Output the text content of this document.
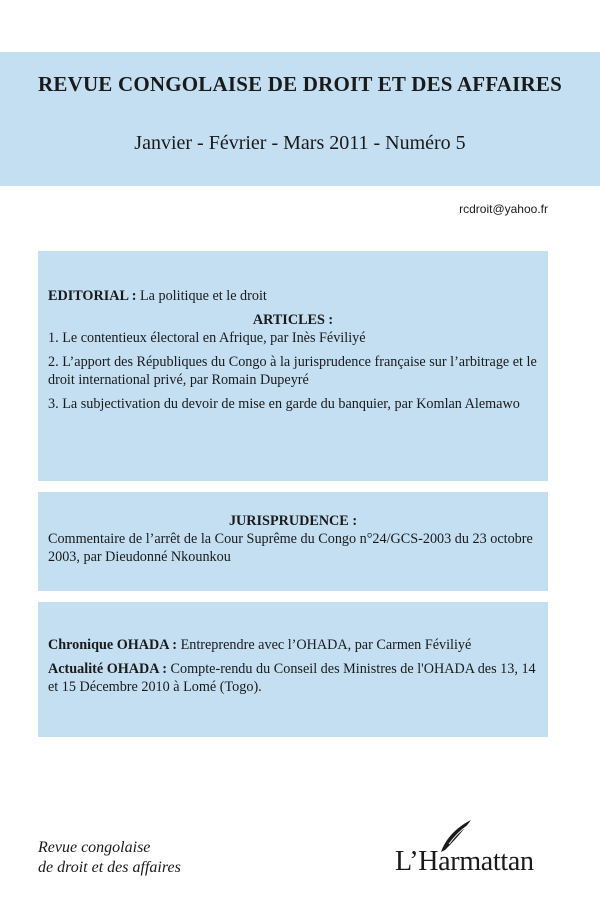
REVUE CONGOLAISE DE DROIT ET DES AFFAIRES
Janvier - Février - Mars 2011 - Numéro 5
rcdroit@yahoo.fr

EDITORIAL : La politique et le droit

ARTICLES :

1. Le contentieux électoral en Afrique, par Inès Féviliyé

2. L’apport des Républiques du Congo à la jurisprudence française sur l’arbitrage et le droit international privé, par Romain Dupeyré

3. La subjectivation du devoir de mise en garde du banquier, par Komlan Alemawo

JURISPRUDENCE :

Commentaire de l’arrêt de la Cour Suprême du Congo n°24/GCS-2003 du 23 octobre 2003, par Dieudonné Nkounkou

Chronique OHADA : Entreprendre avec l’OHADA, par Carmen Féviliyé

Actualité OHADA : Compte-rendu du Conseil des Ministres de l'OHADA des 13, 14 et 15 Décembre 2010 à Lomé (Togo).

Revue congolaise
de droit et des affaires	L’Harmattan
